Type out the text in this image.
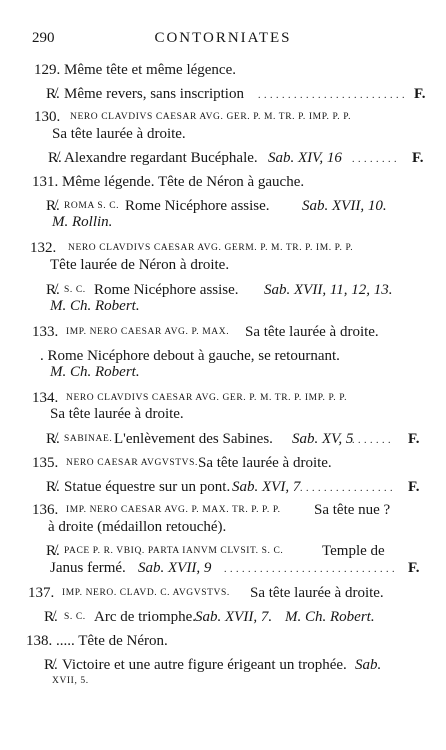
290	CONTORNIATES
129. Même tête et même légence.
R̸. Même revers, sans inscription . . .	F.
130. NERO CLAVDIVS CAESAR AVG. GER. P. M. TR. P. IMP. P. P.
Sa tête laurée à droite.
R̸. Alexandre regardant Bucéphale. Sab. XIV, 16 . . .	F.
131. Même légende. Tête de Néron à gauche.
R̸. ROMA S. C. Rome Nicéphore assise. Sab. XVII, 10.
M. Rollin.
132. NERO CLAVDIVS CAESAR AVG. GERM. P. M. TR. P. IM. P. P.
Tête laurée de Néron à droite.
R̸. S. C. Rome Nicéphore assise. Sab. XVII, 11, 12, 13.
M. Ch. Robert.
133. IMP. NERO CAESAR AVG. P. MAX. Sa tête laurée à droite.
. Rome Nicéphore debout à gauche, se retournant.
M. Ch. Robert.
134. NERO CLAVDIVS CAESAR AVG. GER. P. M. TR. P. IMP. P. P.
Sa tête laurée à droite.
R̸. SABINAE. L'enlèvement des Sabines. Sab. XV, 5 . . .	F.
135. NERO CAESAR AVGVSTVS. Sa tête laurée à droite.
R̸. Statue équestre sur un pont. Sab. XVI, 7 . . .	F.
136. IMP. NERO CAESAR AVG. P. MAX. TR. P. P. P. Sa tête nue ?
à droite (médaillon retouché).
R̸. PACE P. R. VBIQ. PARTA IANVM CLVSIT. S. C.	Temple de
Janus fermé. Sab. XVII, 9 . . .	F.
137. IMP. NERO. CLAVD. C. AVGVSTVS. Sa tête laurée à droite.
R̸. S. C. Arc de triomphe.
Sab. XVII, 7. M. Ch. Robert.
138. ..... Tête de Néron.
R̸. Victoire et une autre figure érigeant un trophée. Sab.
XVII, 5.
